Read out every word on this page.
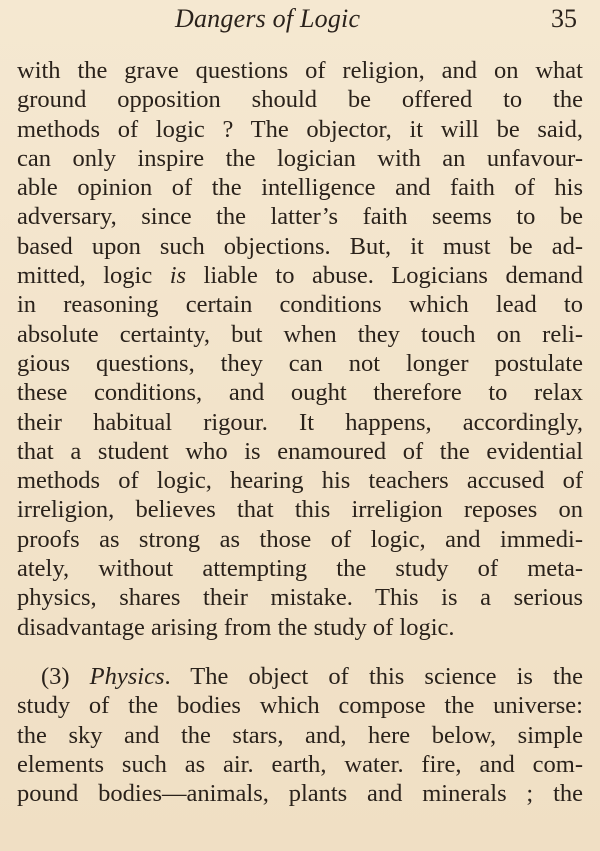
Dangers of Logic	35
with the grave questions of religion, and on what
ground opposition should be offered to the
methods of logic ? The objector, it will be said,
can only inspire the logician with an unfavour-
able opinion of the intelligence and faith of his
adversary, since the latter’s faith seems to be
based upon such objections. But, it must be ad-
mitted, logic is liable to abuse. Logicians demand
in reasoning certain conditions which lead to
absolute certainty, but when they touch on reli-
gious questions, they can not longer postulate
these conditions, and ought therefore to relax
their habitual rigour. It happens, accordingly,
that a student who is enamoured of the evidential
methods of logic, hearing his teachers accused of
irreligion, believes that this irreligion reposes on
proofs as strong as those of logic, and immedi-
ately, without attempting the study of meta-
physics, shares their mistake. This is a serious
disadvantage arising from the study of logic.
(3) Physics. The object of this science is the
study of the bodies which compose the universe:
the sky and the stars, and, here below, simple
elements such as air. earth, water. fire, and com-
pound bodies—animals, plants and minerals ; the
